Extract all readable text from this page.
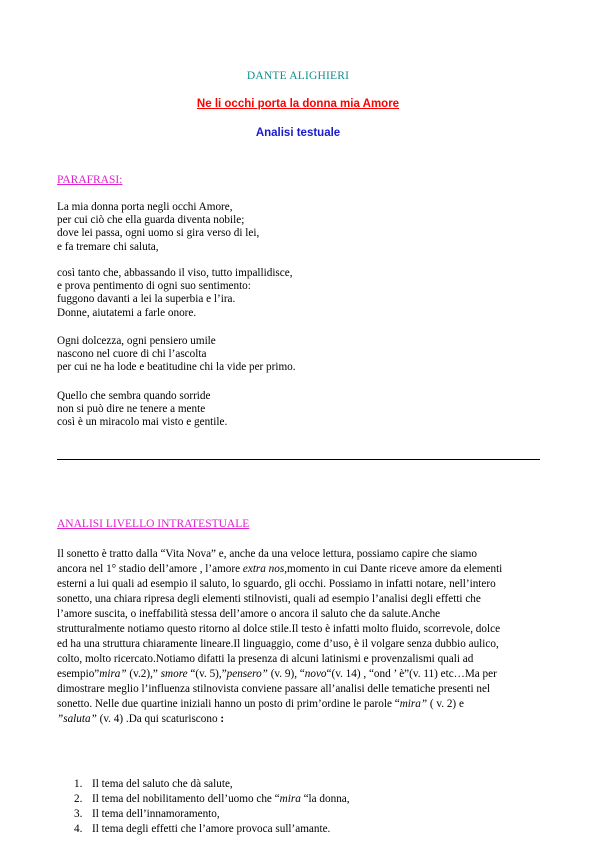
DANTE ALIGHIERI
Ne li occhi porta la donna mia Amore
Analisi testuale
PARAFRASI:
La mia donna porta negli occhi Amore,
per cui ciò che ella guarda diventa nobile;
dove lei passa, ogni uomo si gira verso di lei,
e fa tremare chi saluta,
così tanto che, abbassando il viso, tutto impallidisce,
e prova pentimento di ogni suo sentimento:
fuggono davanti a lei la superbia e l’ira.
Donne, aiutatemi a farle onore.
Ogni dolcezza, ogni pensiero umile
nascono nel cuore di chi l’ascolta
per cui ne ha lode e beatitudine chi la vide per primo.
Quello che sembra quando sorride
non si può dire ne tenere a mente
così è un miracolo mai visto e gentile.
ANALISI LIVELLO INTRATESTUALE
Il sonetto è tratto dalla “Vita Nova” e, anche da una veloce lettura, possiamo capire che siamo
ancora nel 1° stadio dell’amore , l’amore extra nos,momento in cui Dante riceve amore da elementi
esterni a lui quali ad esempio il saluto, lo sguardo, gli occhi. Possiamo in infatti notare, nell’intero
sonetto, una chiara ripresa degli elementi stilnovisti, quali ad esempio l’analisi degli effetti che
l’amore suscita, o ineffabilità stessa dell’amore o ancora il saluto che da salute.Anche
strutturalmente notiamo questo ritorno al dolce stile.Il testo è infatti molto fluido, scorrevole, dolce
ed ha una struttura chiaramente lineare.Il linguaggio, come d’uso, è il volgare senza dubbio aulico,
colto, molto ricercato.Notiamo difatti la presenza di alcuni latinismi e provenzalismi quali ad
esempio”mira” (v.2),” smore “(v. 5),”pensero” (v. 9), “novo“(v. 14) , “ond ’ è”(v. 11) etc…Ma per
dimostrare meglio l’influenza stilnovista conviene passare all’analisi delle tematiche presenti nel
sonetto. Nelle due quartine iniziali hanno un posto di prim’ordine le parole “mira” ( v. 2) e
”saluta” (v. 4) .Da qui scaturiscono :
1. Il tema del saluto che dà salute,
2. Il tema del nobilitamento dell’uomo che “mira “la donna,
3. Il tema dell’innamoramento,
4. Il tema degli effetti che l’amore provoca sull’amante.
